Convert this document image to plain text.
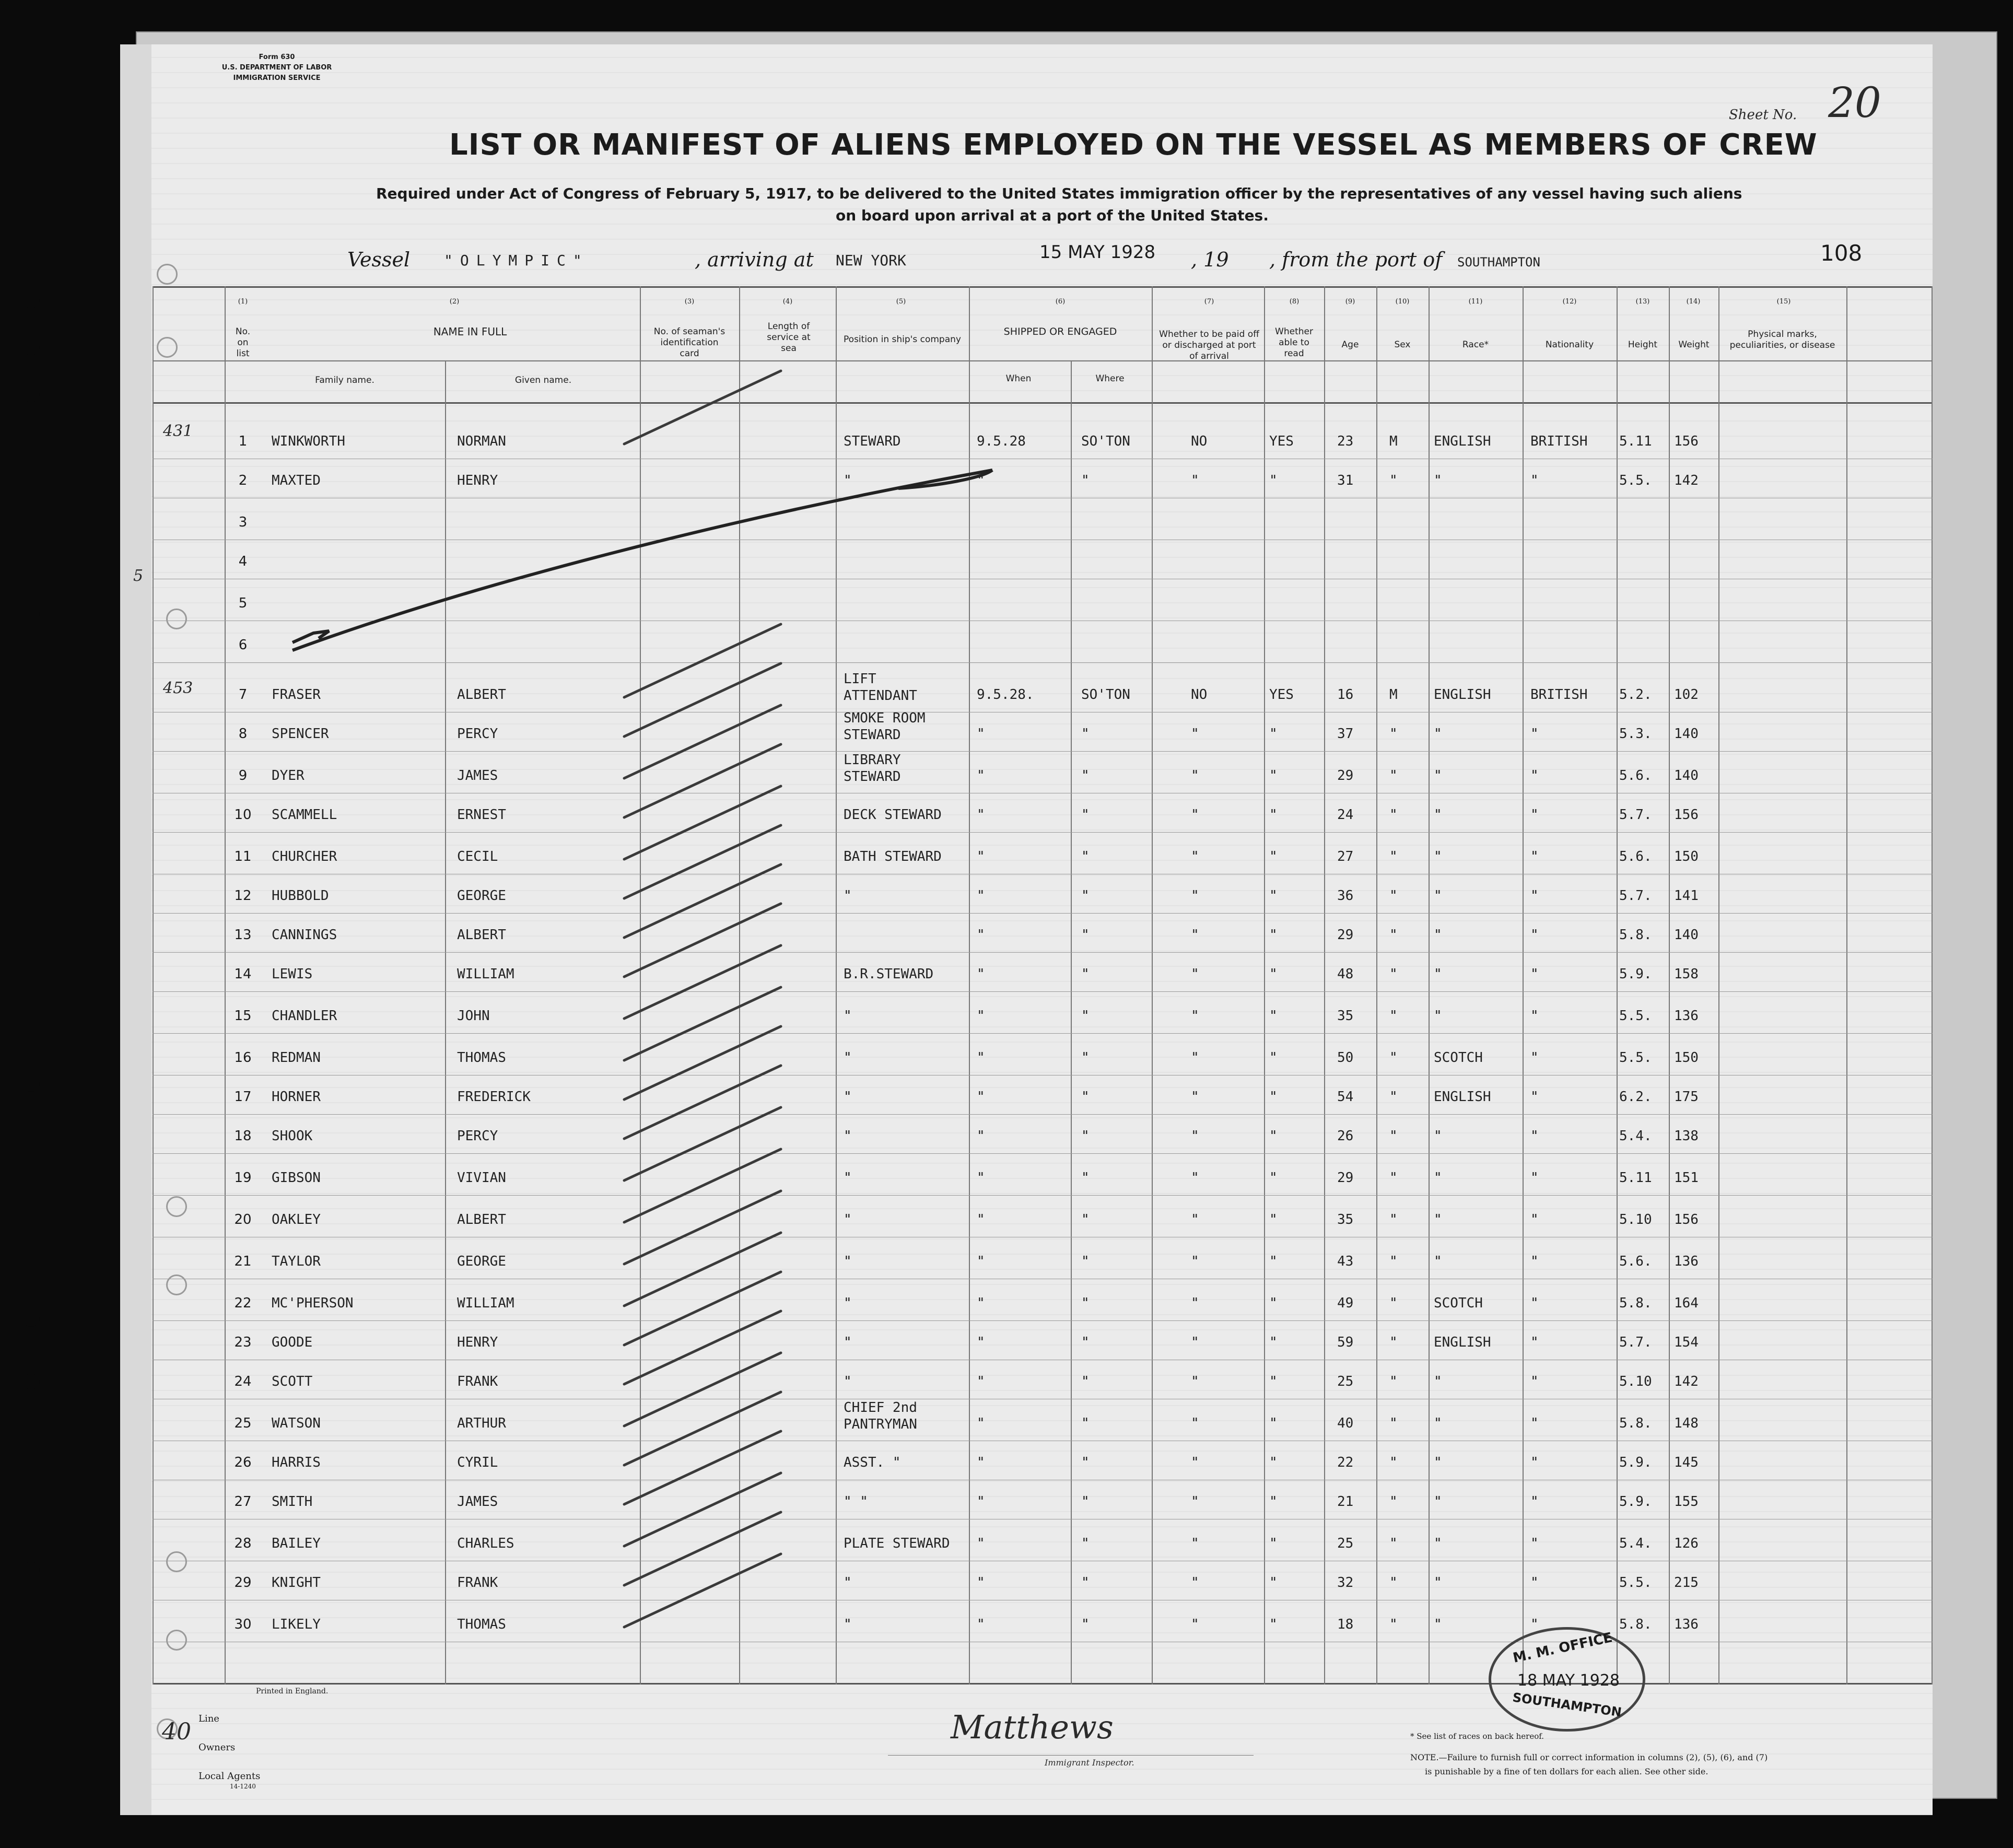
Form 630
U.S. DEPARTMENT OF LABOR
IMMIGRATION SERVICE
Sheet No. 20
LIST OR MANIFEST OF ALIENS EMPLOYED ON THE VESSEL AS MEMBERS OF CREW
Required under Act of Congress of February 5, 1917, to be delivered to the United States immigration officer by the representatives of any vessel having such aliens
on board upon arrival at a port of the United States.
Vessel "OLYMPIC"	, arriving at NEW YORK	15 MAY 1928 , 19 , from the port of SOUTHAMPTON	108
(1)
No. on list
(2)
NAME IN FULL
Family name.	Given name.
(3)
No. of seaman's identification card
(4)
Length of service at sea
(5)
Position in ship's company
(6)
SHIPPED OR ENGAGED
When	Where
(7)
Whether to be paid off or discharged at port of arrival
(8)
Whether able to read
(9)
Age
(10)
Sex
(11)
Race*
(12)
Nationality
(13)
Height
(14)
Weight
(15)
Physical marks, peculiarities, or disease
1	WINKWORTH	NORMAN	STEWARD	9.5.28	SO'TON	NO	YES	23	M	ENGLISH	BRITISH 5.11 156
2	MAXTED	HENRY	"	"	"	"	"	31	"	"	"	5.5. 142
3
4
5
6
7	FRASER	ALBERT
LIFT
9.5.28.	SO'TON	NO	YES	16	M	ENGLISH	BRITISH 5.2. 102
ATTENDANT
8	SPENCER	PERCY
SMOKE ROOM
"	"	"	"	37	"	"	"	5.3. 140
STEWARD
9	DYER	JAMES
LIBRARY
"	"	"	"	29	"	"	"	5.6. 140
STEWARD
10	SCAMMELL	ERNEST	DECK STEWARD	"	"	"	"	24	"	"	"	5.7. 156
11	CHURCHER	CECIL	BATH STEWARD	"	"	"	"	27	"	"	"	5.6. 150
12	HUBBOLD	GEORGE	"	"	"	"	"	36	"	"	"	5.7. 141
13	CANNINGS	ALBERT	"	"	"	"	29	"	"	"	5.8. 140
14	LEWIS	WILLIAM	B.R.STEWARD	"	"	"	"	48	"	"	"	5.9. 158
15	CHANDLER	JOHN	"	"	"	"	"	35	"	"	"	5.5. 136
16	REDMAN	THOMAS	"	"	"	"	"	50	"	SCOTCH	"	5.5. 150
17	HORNER	FREDERICK	"	"	"	"	"	54	"	ENGLISH	"	6.2. 175
18	SHOOK	PERCY	"	"	"	"	"	26	"	"	"	5.4. 138
19	GIBSON	VIVIAN	"	"	"	"	"	29	"	"	"	5.11 151
20	OAKLEY	ALBERT	"	"	"	"	"	35	"	"	"	5.10 156
21	TAYLOR	GEORGE	"	"	"	"	"	43	"	"	"	5.6. 136
22	MC'PHERSON	WILLIAM	"	"	"	"	"	49	"	SCOTCH	"	5.8. 164
23	GOODE	HENRY	"	"	"	"	"	59	"	ENGLISH	"	5.7. 154
24	SCOTT	FRANK	"	"	"	"	"	25	"	"	"	5.10 142
25	WATSON	ARTHUR
CHIEF 2nd
"	"	"	"	40	"	"	"	5.8. 148
PANTRYMAN
26	HARRIS	CYRIL	ASST. "	"	"	"	"	22	"	"	"	5.9. 145
27	SMITH	JAMES	" "	"	"	"	"	21	"	"	"	5.9. 155
28	BAILEY	CHARLES	PLATE STEWARD "	"	"	"	25	"	"	"	5.4. 126
29	KNIGHT	FRANK	"	"	"	"	"	32	"	"	"	5.5. 215
30	LIKELY	THOMAS	"	"	"	"	"	18	"	"	"	5.8. 136
431
5
453
40
M. M. OFFICE
18 MAY 1928
SOUTHAMPTON
Printed in England.
Line
Owners
Local Agents
14-1240
Matthews
Immigrant Inspector.
* See list of races on back hereof.
NOTE.—Failure to furnish full or correct information in columns (2), (5), (6), and (7)
is punishable by a fine of ten dollars for each alien. See other side.
